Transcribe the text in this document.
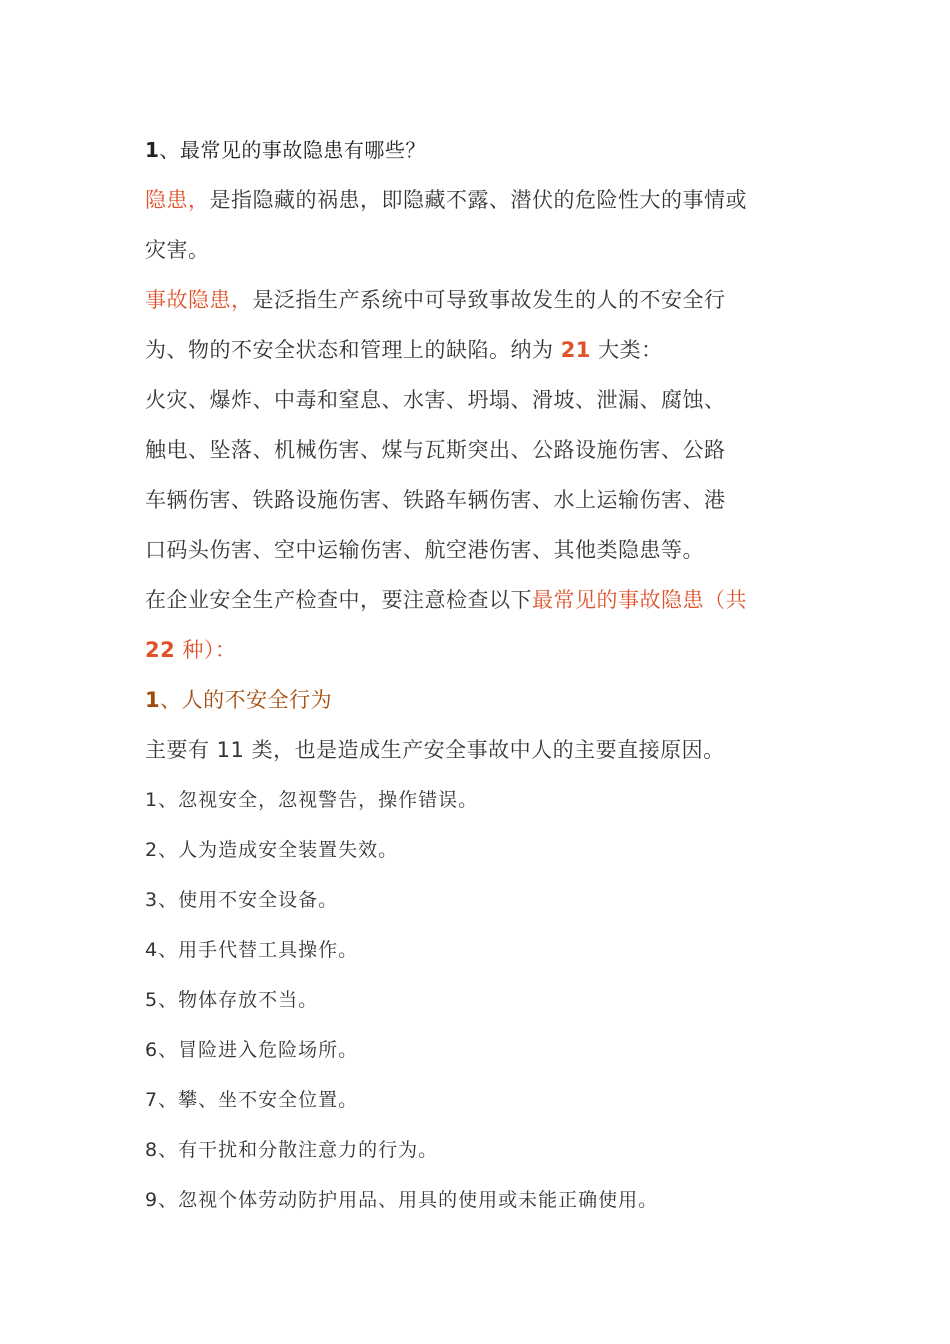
1、最常见的事故隐患有哪些？
隐患，是指隐藏的祸患，即隐藏不露、潜伏的危险性大的事情或
灾害。
事故隐患，是泛指生产系统中可导致事故发生的人的不安全行
为、物的不安全状态和管理上的缺陷。纳为 21 大类：
火灾、爆炸、中毒和窒息、水害、坍塌、滑坡、泄漏、腐蚀、
触电、坠落、机械伤害、煤与瓦斯突出、公路设施伤害、公路
车辆伤害、铁路设施伤害、铁路车辆伤害、水上运输伤害、港
口码头伤害、空中运输伤害、航空港伤害、其他类隐患等。
在企业安全生产检查中，要注意检查以下最常见的事故隐患（共
22 种）：
1、人的不安全行为
主要有 11 类，也是造成生产安全事故中人的主要直接原因。
1、忽视安全，忽视警告，操作错误。
2、人为造成安全装置失效。
3、使用不安全设备。
4、用手代替工具操作。
5、物体存放不当。
6、冒险进入危险场所。
7、攀、坐不安全位置。
8、有干扰和分散注意力的行为。
9、忽视个体劳动防护用品、用具的使用或未能正确使用。
